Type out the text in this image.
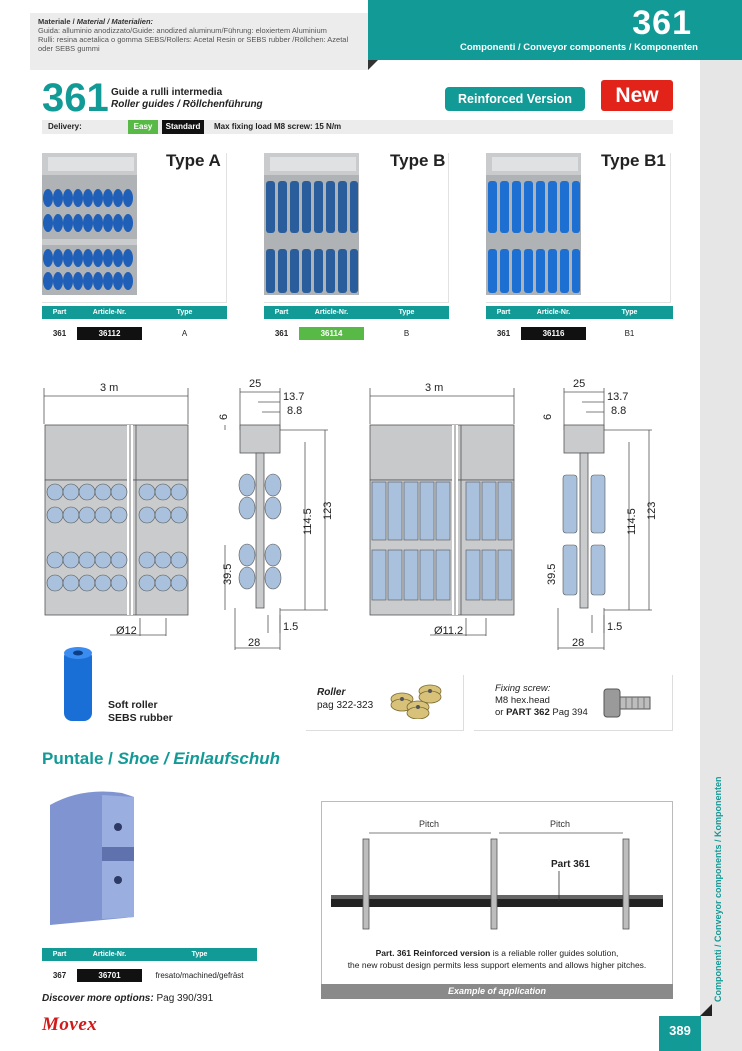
Materiale / Material / Materialien:
Guida: alluminio anodizzato/Guide: anodized aluminum/Führung: eloxiertem Aluminium
Rulli: resina acetalica o gomma SEBS/Rollers: Acetal Resin or SEBS rubber /Röllchen: Azetal
oder SEBS gummi
361
Componenti / Conveyor components / Komponenten
361 Guide a rulli intermedia
Roller guides / Röllchenführung	Reinforced Version	New
Delivery:	Easy	Standard	Max fixing load M8 screw: 15 N/m
Type A
Part	Article-Nr.	Type
361	36112	A
Type B
Part	Article-Nr.	Type
361	36114	B
Type B1
Part	Article-Nr.	Type
361	36116	B1
3 m
Ø12
25
13.7
8.8
6
114.5 123
39.5
28
1.5
3 m
Ø11.2
25
13.7
8.8
6
114.5 123
39.5
28
1.5
Soft roller
SEBS rubber
Roller
pag 322-323
Fixing screw:
M8 hex.head
or PART 362 Pag 394
Puntale / Shoe / Einlaufschuh
Part	Article-Nr.	Type
367	36701	fresato/machined/gefräst
Discover more options: Pag 390/391
Movex
Pitch	Pitch
Part 361
Part. 361 Reinforced version is a reliable roller guides solution,
the new robust design permits less support elements and allows higher pitches.
Example of application	Componenti / Conveyor components / Komponenten
389
